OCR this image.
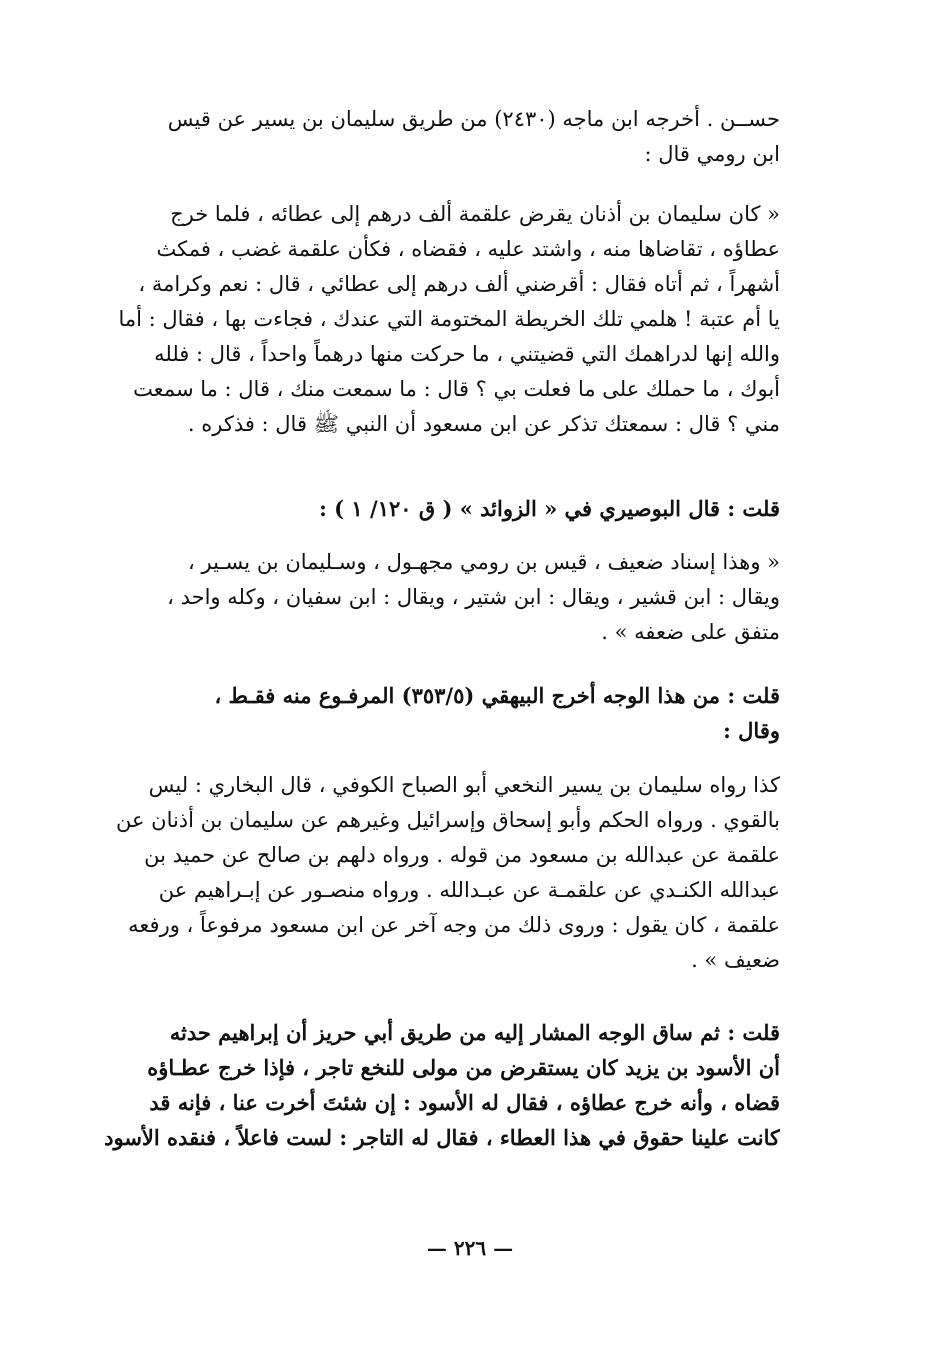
حســن . أخرجه ابن ماجه (٢٤٣٠) من طريق سليمان بن يسير عن قيس
ابن رومي قال :
« كان سليمان بن أذنان يقرض علقمة ألف درهم إلى عطائه ، فلما خرج
عطاؤه ، تقاضاها منه ، واشتد عليه ، فقضاه ، فكأن علقمة غضب ، فمكث
أشهراً ، ثم أتاه فقال : أقرضني ألف درهم إلى عطائي ، قال : نعم وكرامة ،
يا أم عتبة ! هلمي تلك الخريطة المختومة التي عندك ، فجاءت بها ، فقال : أما
والله إنها لدراهمك التي قضيتني ، ما حركت منها درهماً واحداً ، قال : فلله
أبوك ، ما حملك على ما فعلت بي ؟ قال : ما سمعت منك ، قال : ما سمعت
مني ؟ قال : سمعتك تذكر عن ابن مسعود أن النبي ﷺ قال : فذكره .
قلت : قال البوصيري في « الزوائد » ( ق ١٢٠/ ١ ) :
« وهذا إسناد ضعيف ، قيس بن رومي مجهـول ، وسـليمان بن يسـير ،
ويقال : ابن قشير ، ويقال : ابن شتير ، ويقال : ابن سفيان ، وكله واحد ،
متفق على ضعفه » .
قلت : من هذا الوجه أخرج البيهقي (٣٥٣/٥) المرفـوع منه فقـط ،
وقال :
كذا رواه سليمان بن يسير النخعي أبو الصباح الكوفي ، قال البخاري : ليس
بالقوي . ورواه الحكم وأبو إسحاق وإسرائيل وغيرهم عن سليمان بن أذنان عن
علقمة عن عبدالله بن مسعود من قوله . ورواه دلهم بن صالح عن حميد بن
عبدالله الكنـدي عن علقمـة عن عبـدالله . ورواه منصـور عن إبـراهيم عن
علقمة ، كان يقول : وروى ذلك من وجه آخر عن ابن مسعود مرفوعاً ، ورفعه
ضعيف » .
قلت : ثم ساق الوجه المشار إليه من طريق أبي حريز أن إبراهيم حدثه
أن الأسود بن يزيد كان يستقرض من مولى للنخع تاجر ، فإذا خرج عطـاؤه
قضاه ، وأنه خرج عطاؤه ، فقال له الأسود : إن شئتَ أخرت عنا ، فإنه قد
كانت علينا حقوق في هذا العطاء ، فقال له التاجر : لست فاعلاً ، فنقده الأسود
— ٢٢٦ —
